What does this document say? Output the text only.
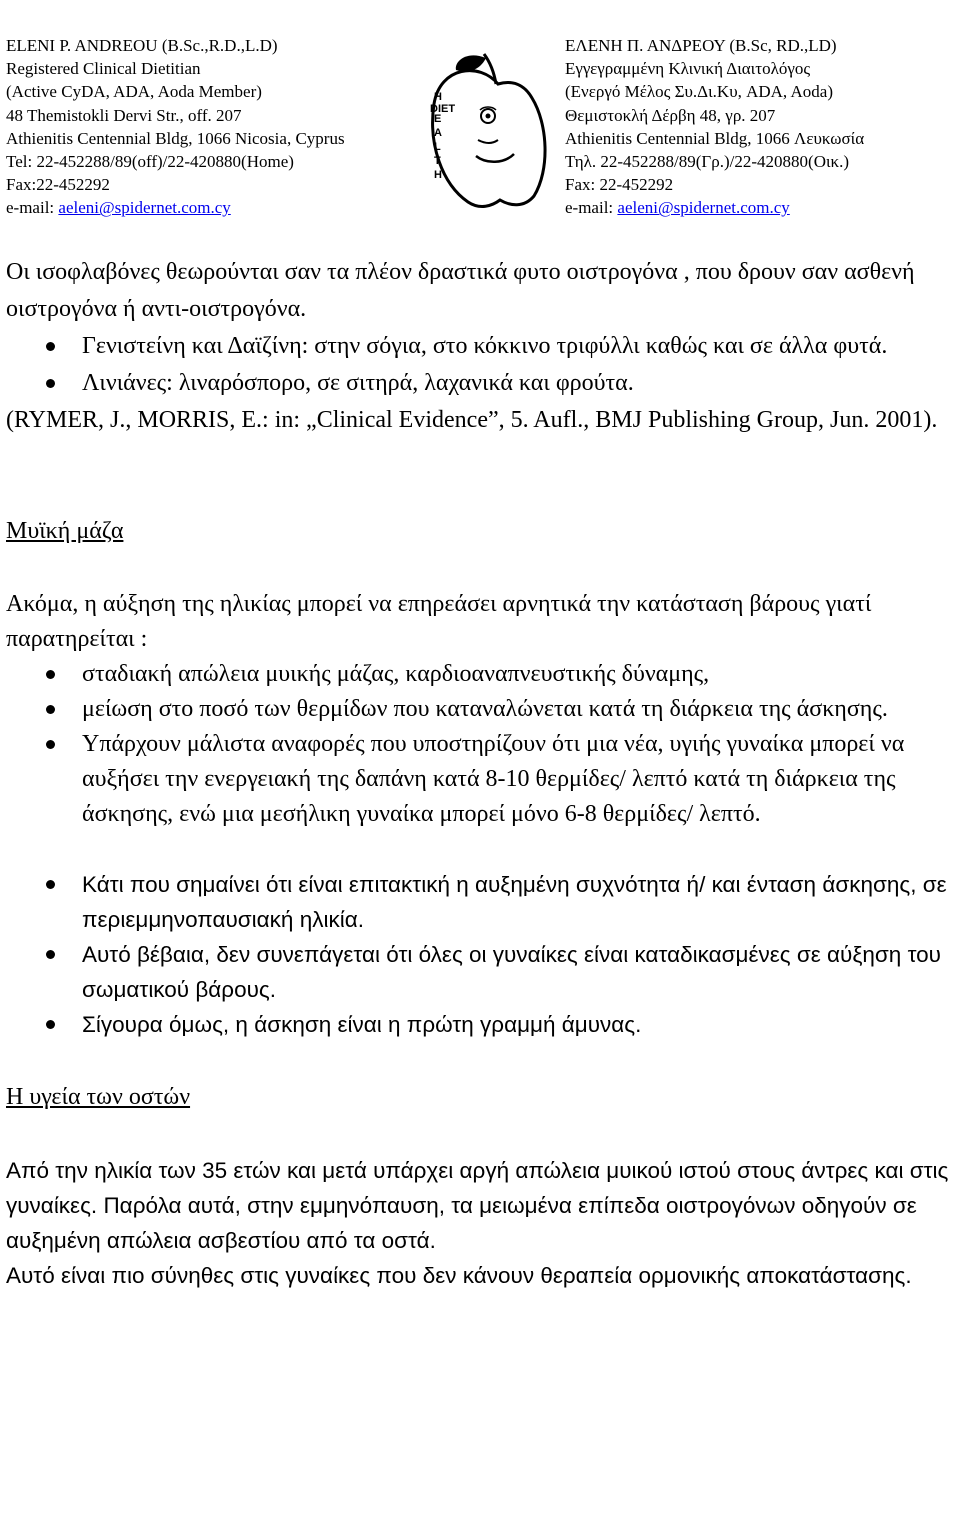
ELENI P. ANDREOU (B.Sc.,R.D.,L.D)
Registered Clinical Dietitian
(Active CyDA, ADA, Aoda Member)
48 Themistokli Dervi Str., off. 207
Athienitis Centennial Bldg, 1066 Nicosia, Cyprus
Tel: 22-452288/89(off)/22-420880(Home)
Fax:22-452292
e-mail: aeleni@spidernet.com.cy
H
E
A
L
T
H
DIET
ΕΛΕΝΗ Π. ΑΝΔΡΕΟΥ (B.Sc, RD.,LD)
Εγγεγραμμένη Κλινική Διαιτολόγος
(Ενεργό Μέλος Συ.Δι.Κυ, ADA, Aoda)
Θεμιστοκλή Δέρβη 48, γρ. 207
Athienitis Centennial Bldg, 1066 Λευκωσία
Τηλ. 22-452288/89(Γρ.)/22-420880(Οικ.)
Fax: 22-452292
e-mail: aeleni@spidernet.com.cy

Οι ισοφλαβόνες θεωρούνται σαν τα πλέον δραστικά φυτο οιστρογόνα , που δρουν σαν ασθενή οιστρογόνα ή αντι-οιστρογόνα.

Γενιστείνη και Δαϊζίνη: στην σόγια, στο κόκκινο τριφύλλι καθώς και σε άλλα φυτά.
Λινιάνες: λιναρόσπορο, σε σιτηρά, λαχανικά και φρούτα.

(RYMER, J., MORRIS, E.: in: „Clinical Evidence”, 5. Aufl., BMJ Publishing Group, Jun. 2001).

Μυϊκή μάζα

Ακόμα, η αύξηση της ηλικίας μπορεί να επηρεάσει αρνητικά την κατάσταση βάρους γιατί παρατηρείται :

σταδιακή απώλεια μυικής μάζας, καρδιοαναπνευστικής δύναμης,
μείωση στο ποσό των θερμίδων που καταναλώνεται κατά τη διάρκεια της άσκησης.
Υπάρχουν μάλιστα αναφορές που υποστηρίζουν ότι μια νέα, υγιής γυναίκα μπορεί να αυξήσει την ενεργειακή της δαπάνη κατά 8-10 θερμίδες/ λεπτό κατά τη διάρκεια της άσκησης, ενώ μια μεσήλικη γυναίκα μπορεί μόνο 6-8 θερμίδες/ λεπτό.
Κάτι που σημαίνει ότι είναι επιτακτική η αυξημένη συχνότητα ή/ και ένταση άσκησης, σε περιεμμηνοπαυσιακή ηλικία.
Αυτό βέβαια, δεν συνεπάγεται ότι όλες οι γυναίκες είναι καταδικασμένες σε αύξηση του σωματικού βάρους.
Σίγουρα όμως, η άσκηση είναι η πρώτη γραμμή άμυνας.

Η υγεία των οστών

Από την ηλικία των 35 ετών και μετά υπάρχει αργή απώλεια μυικού ιστού στους άντρες και στις γυναίκες. Παρόλα αυτά, στην εμμηνόπαυση, τα μειωμένα επίπεδα οιστρογόνων οδηγούν σε αυξημένη απώλεια ασβεστίου από τα οστά.

Αυτό είναι πιο σύνηθες στις γυναίκες που δεν κάνουν θεραπεία ορμονικής αποκατάστασης.
